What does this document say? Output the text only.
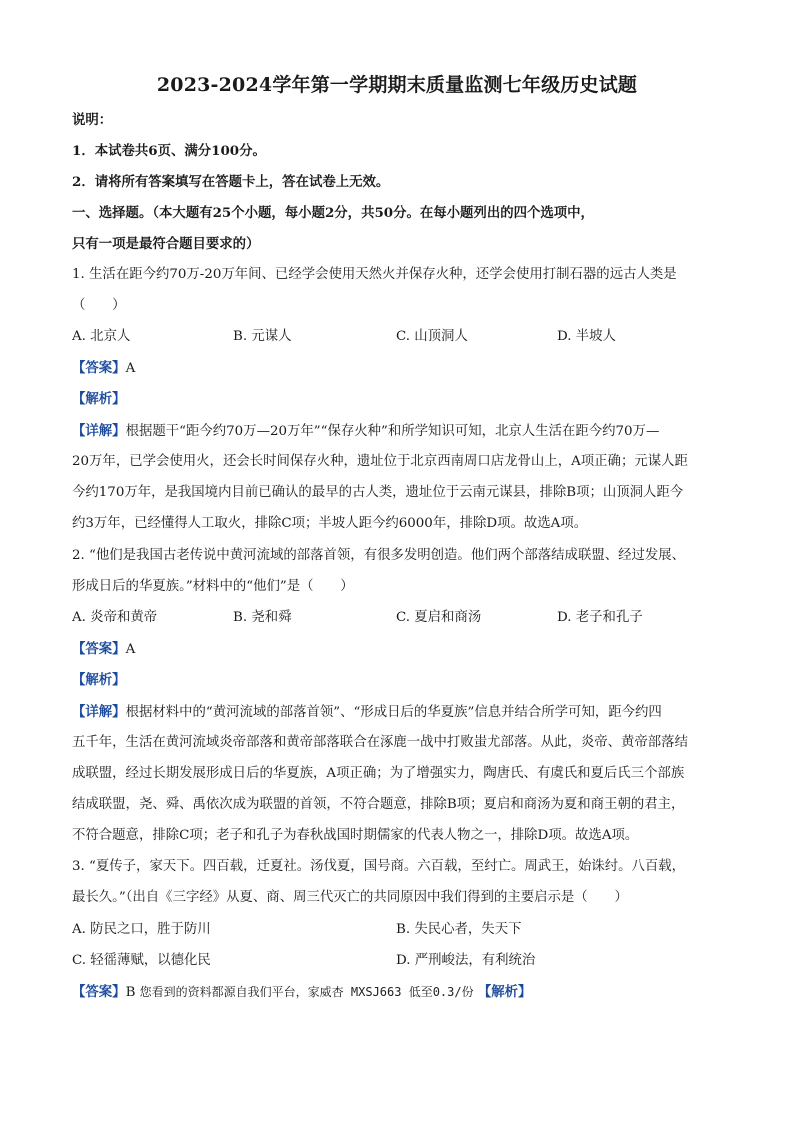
2023-2024学年第一学期期末质量监测七年级历史试题
说明：
1．本试卷共6页、满分100分。
2．请将所有答案填写在答题卡上，答在试卷上无效。
一、选择题。（本大题有25个小题，每小题2分，共50分。在每小题列出的四个选项中，
只有一项是最符合题目要求的）
1. 生活在距今约70万-20万年间、已经学会使用天然火并保存火种，还学会使用打制石器的远古人类是
（　　）
A. 北京人	B. 元谋人	C. 山顶洞人	D. 半坡人
【答案】A
【解析】
【详解】根据题干“距今约70万—20万年”“保存火种”和所学知识可知，北京人生活在距今约70万—
20万年，已学会使用火，还会长时间保存火种，遗址位于北京西南周口店龙骨山上，A项正确；元谋人距
今约170万年，是我国境内目前已确认的最早的古人类，遗址位于云南元谋县，排除B项；山顶洞人距今
约3万年，已经懂得人工取火，排除C项；半坡人距今约6000年，排除D项。故选A项。
2. “他们是我国古老传说中黄河流域的部落首领，有很多发明创造。他们两个部落结成联盟、经过发展、
形成日后的华夏族。”材料中的“他们”是（　　）
A. 炎帝和黄帝	B. 尧和舜	C. 夏启和商汤	D. 老子和孔子
【答案】A
【解析】
【详解】根据材料中的“黄河流域的部落首领”、“形成日后的华夏族”信息并结合所学可知，距今约四
五千年，生活在黄河流域炎帝部落和黄帝部落联合在涿鹿一战中打败蚩尤部落。从此，炎帝、黄帝部落结
成联盟，经过长期发展形成日后的华夏族，A项正确；为了增强实力，陶唐氏、有虞氏和夏后氏三个部族
结成联盟，尧、舜、禹依次成为联盟的首领，不符合题意，排除B项；夏启和商汤为夏和商王朝的君主，
不符合题意，排除C项；老子和孔子为春秋战国时期儒家的代表人物之一，排除D项。故选A项。
3. “夏传子，家天下。四百载，迁夏社。汤伐夏，国号商。六百载，至纣亡。周武王，始诛纣。八百载，
最长久。”（出自《三字经》从夏、商、周三代灭亡的共同原因中我们得到的主要启示是（　　）
A. 防民之口，胜于防川	B. 失民心者，失天下
C. 轻徭薄赋，以德化民	D. 严刑峻法，有利统治
【答案】B 您看到的资料都源自我们平台，家威杏 MXSJ663 低至0.3/份 【解析】
